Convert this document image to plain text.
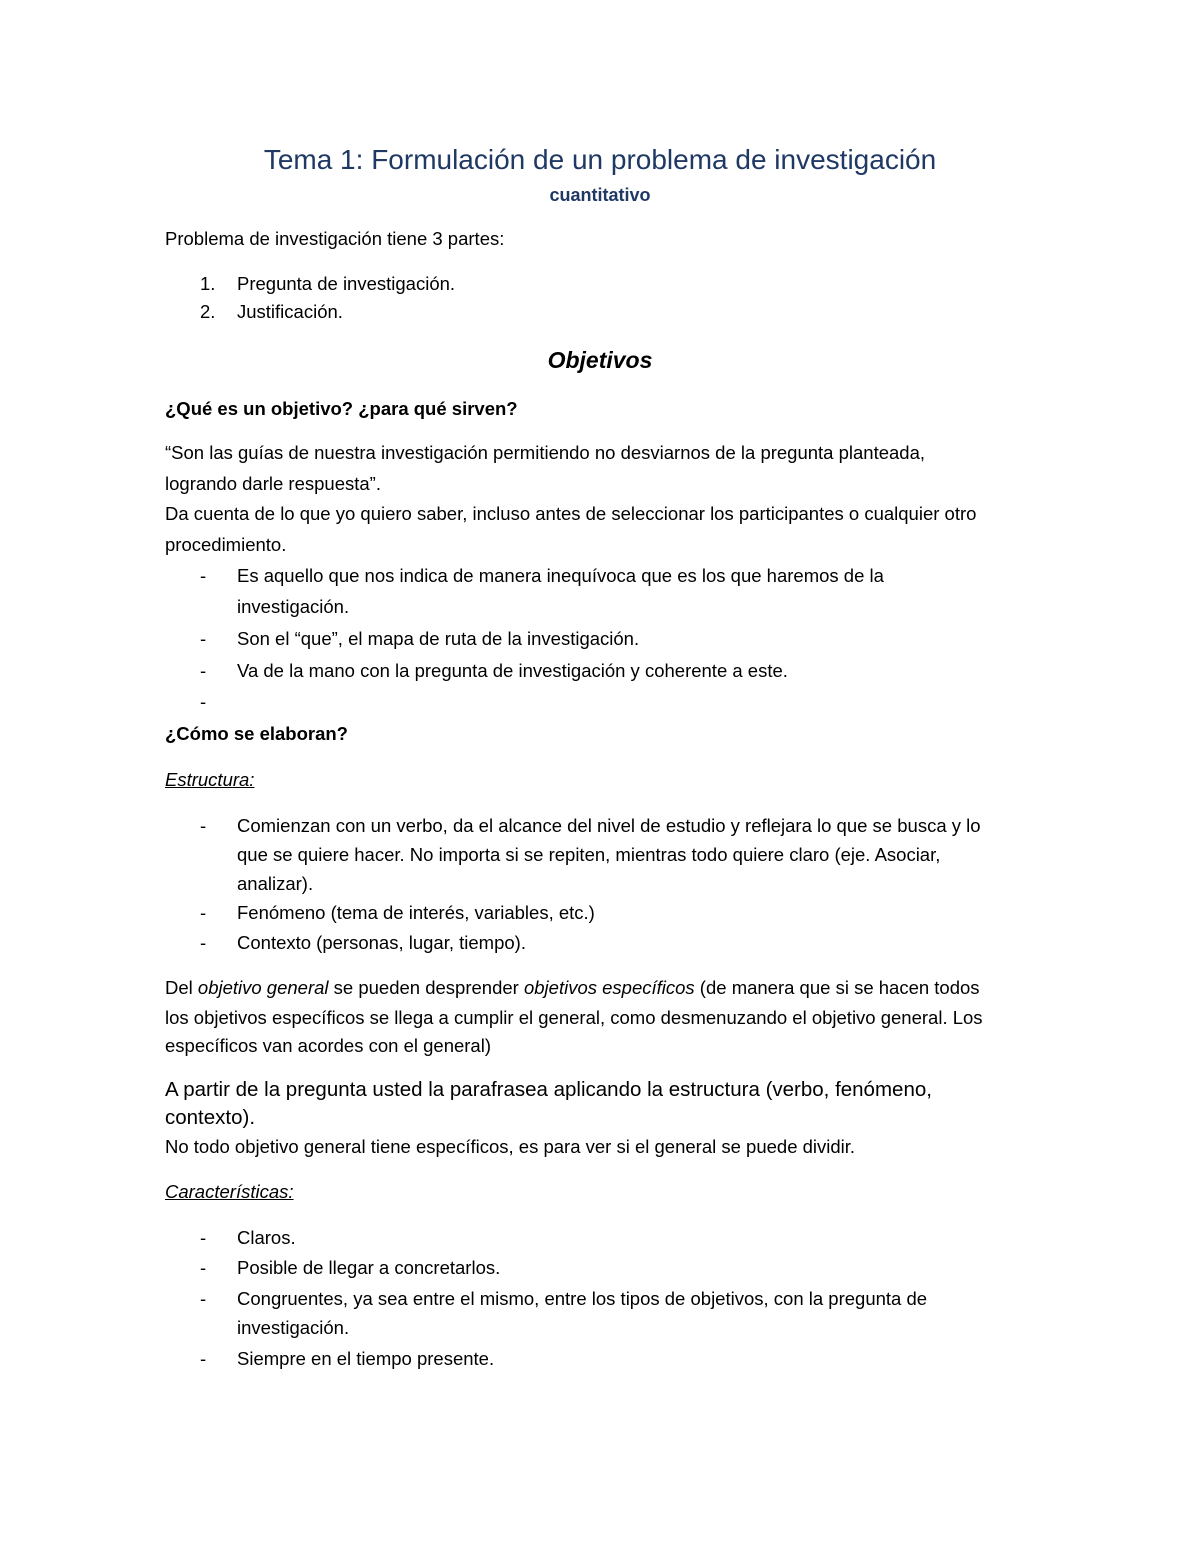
Tema 1: Formulación de un problema de investigación
cuantitativo
Problema de investigación tiene 3 partes:
1. Pregunta de investigación.
2. Justificación.
Objetivos
¿Qué es un objetivo? ¿para qué sirven?
“Son las guías de nuestra investigación permitiendo no desviarnos de la pregunta planteada,
logrando darle respuesta”.
Da cuenta de lo que yo quiero saber, incluso antes de seleccionar los participantes o cualquier otro
procedimiento.
- Es aquello que nos indica de manera inequívoca que es los que haremos de la
investigación.
- Son el “que”, el mapa de ruta de la investigación.
- Va de la mano con la pregunta de investigación y coherente a este.
-
¿Cómo se elaboran?
Estructura:
- Comienzan con un verbo, da el alcance del nivel de estudio y reflejara lo que se busca y lo
que se quiere hacer. No importa si se repiten, mientras todo quiere claro (eje. Asociar,
analizar).
- Fenómeno (tema de interés, variables, etc.)
- Contexto (personas, lugar, tiempo).
Del objetivo general se pueden desprender objetivos específicos (de manera que si se hacen todos
los objetivos específicos se llega a cumplir el general, como desmenuzando el objetivo general. Los
específicos van acordes con el general)
A partir de la pregunta usted la parafrasea aplicando la estructura (verbo, fenómeno,
contexto).
No todo objetivo general tiene específicos, es para ver si el general se puede dividir.
Características:
- Claros.
- Posible de llegar a concretarlos.
- Congruentes, ya sea entre el mismo, entre los tipos de objetivos, con la pregunta de
investigación.
- Siempre en el tiempo presente.
